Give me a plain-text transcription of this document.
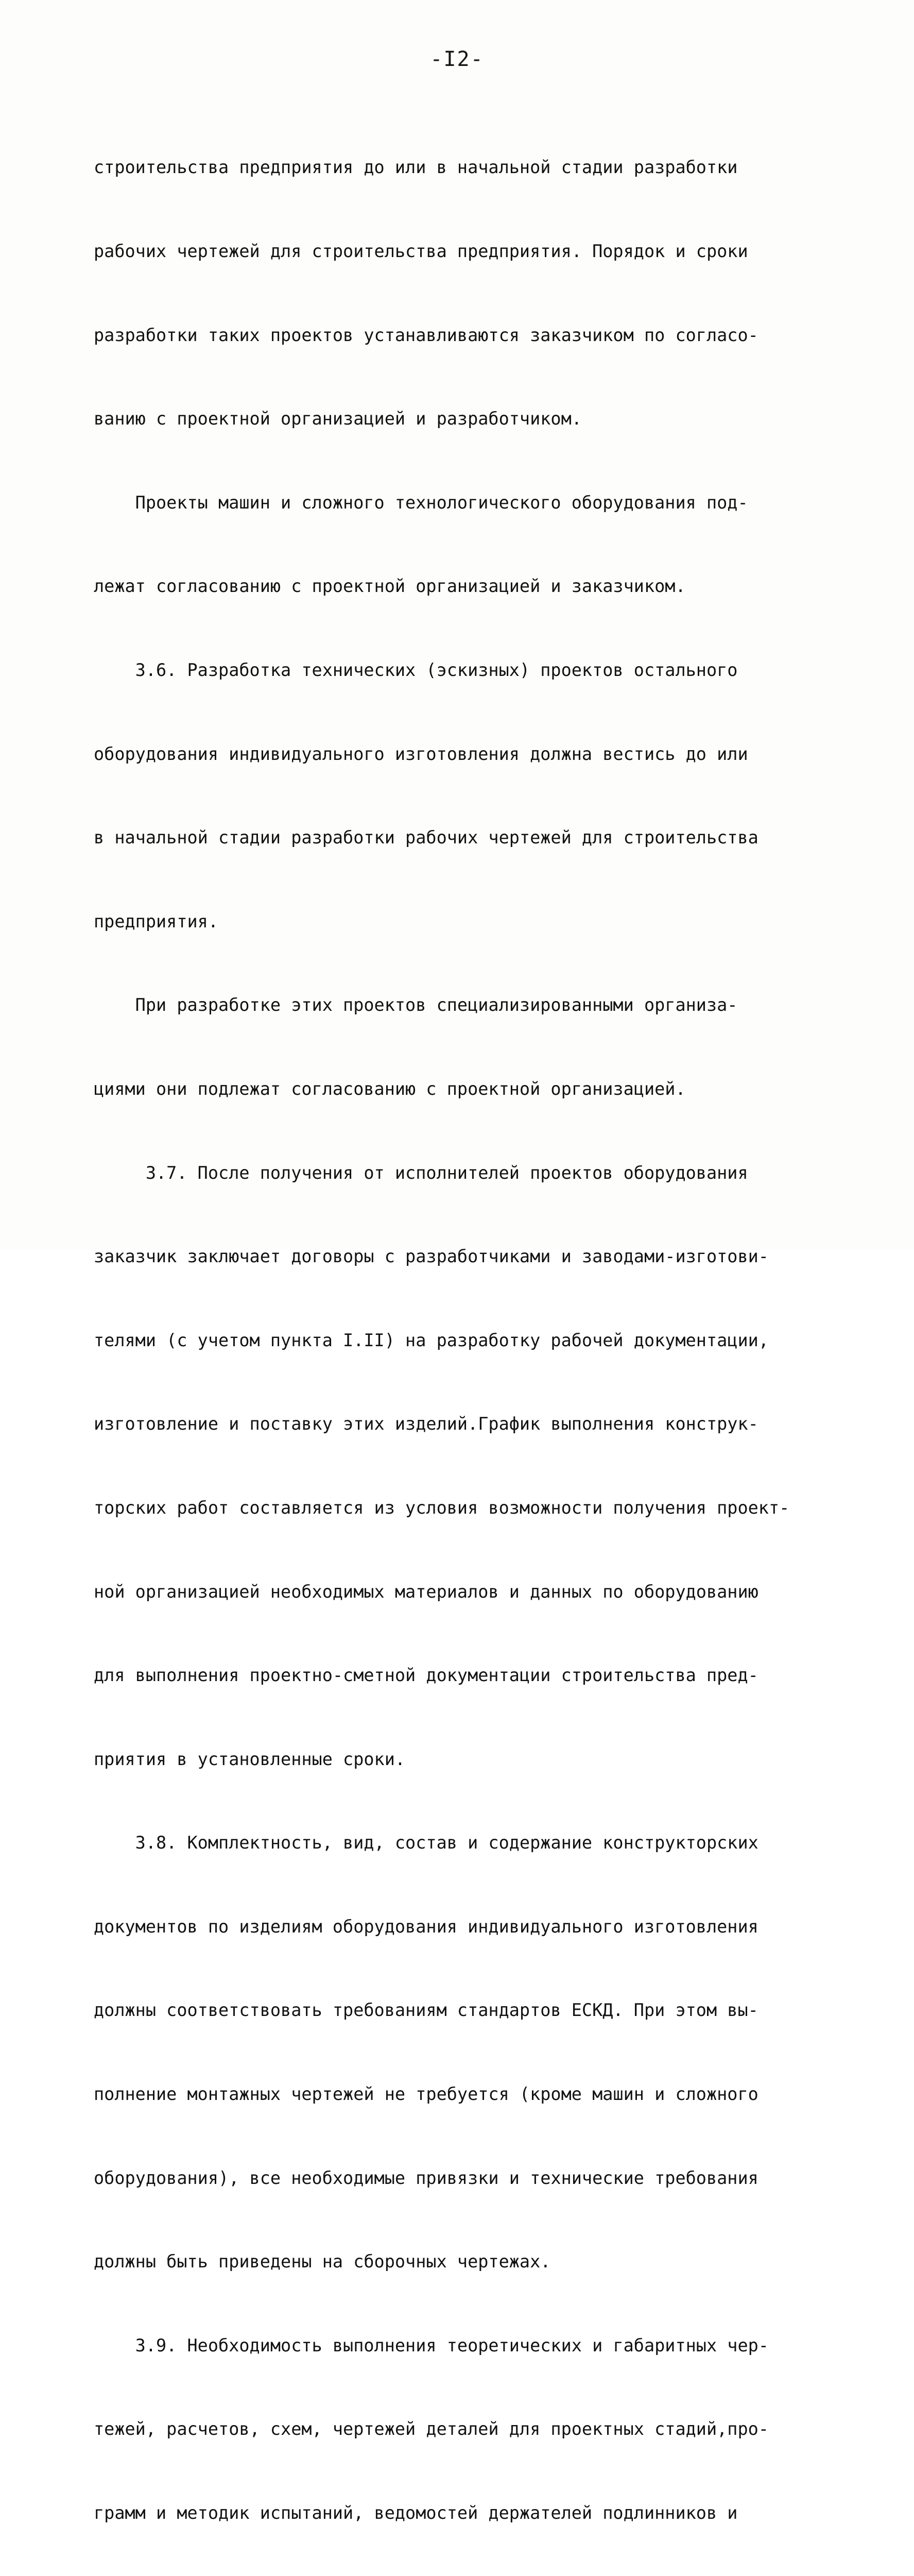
-I2-

строительства предприятия до или в начальной стадии разработки

рабочих чертежей для строительства предприятия. Порядок и сроки

разработки таких проектов устанавливаются заказчиком по согласо-

ванию с проектной организацией и разработчиком.

Проекты машин и сложного технологического оборудования под-

лежат согласованию с проектной организацией и заказчиком.

3.6. Разработка технических (эскизных) проектов остального

оборудования индивидуального изготовления должна вестись до или

в начальной стадии разработки рабочих чертежей для строительства

предприятия.

При разработке этих проектов специализированными организа-

циями они подлежат согласованию с проектной организацией.

3.7. После получения от исполнителей проектов оборудования

заказчик заключает договоры с разработчиками и заводами-изготови-

телями (с учетом пункта I.II) на разработку рабочей документации,

изготовление и поставку этих изделий.График выполнения конструк-

торских работ составляется из условия возможности получения проект-

ной организацией необходимых материалов и данных по оборудованию

для выполнения проектно-сметной документации строительства пред-

приятия в установленные сроки.

3.8. Комплектность, вид, состав и содержание конструкторских

документов по изделиям оборудования индивидуального изготовления

должны соответствовать требованиям стандартов ЕСКД. При этом вы-

полнение монтажных чертежей не требуется (кроме машин и сложного

оборудования), все необходимые привязки и технические требования

должны быть приведены на сборочных чертежах.

3.9. Необходимость выполнения теоретических и габаритных чер-

тежей, расчетов, схем, чертежей деталей для проектных стадий,про-

грамм и методик испытаний, ведомостей держателей подлинников и
